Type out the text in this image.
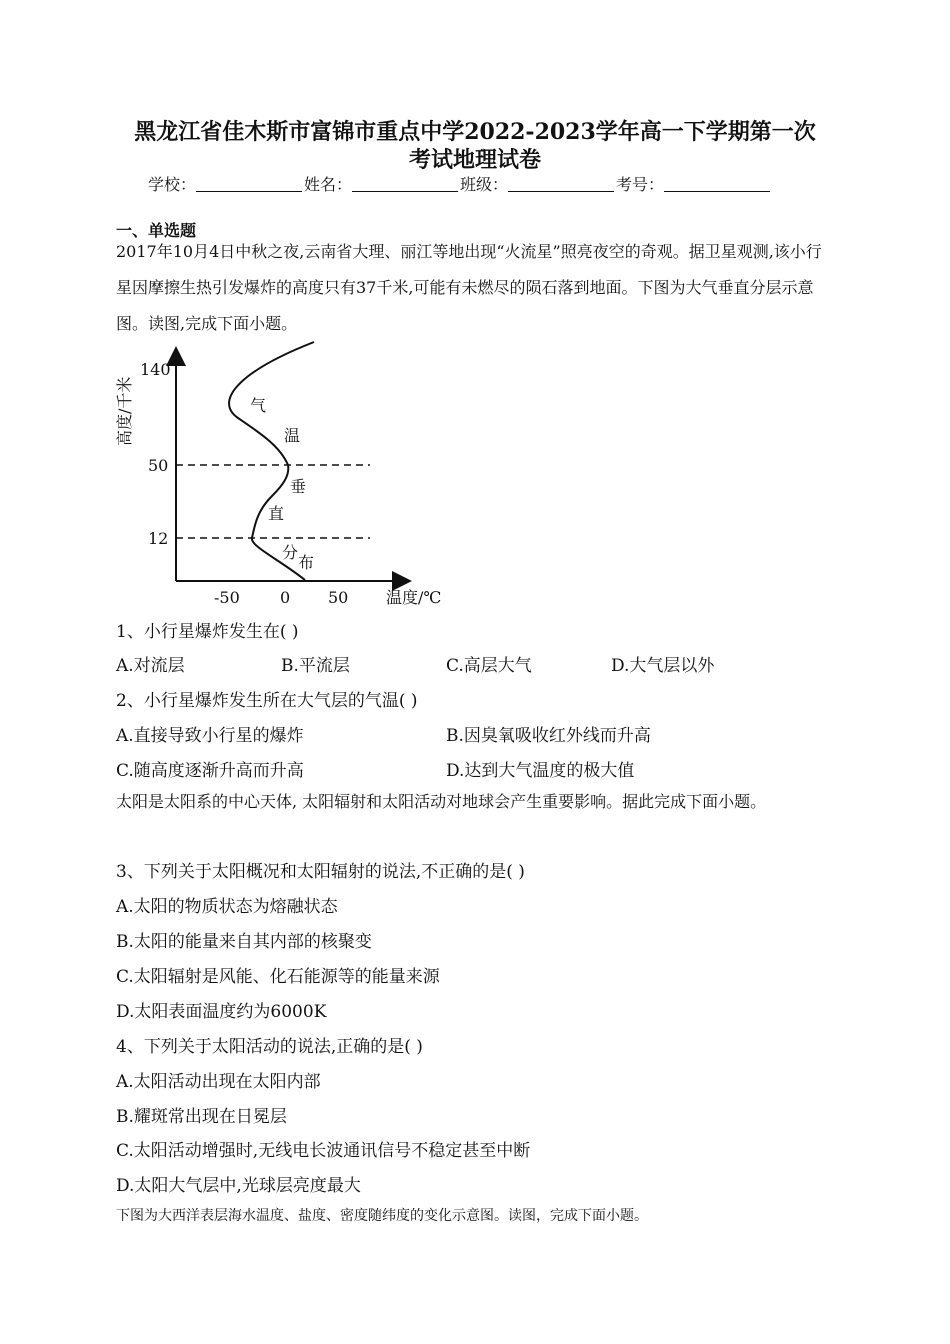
黑龙江省佳木斯市富锦市重点中学2022-2023学年高一下学期第一次
考试地理试卷
学校：	姓名：	班级：	考号：
一、单选题
2017年10月4日中秋之夜,云南省大理、丽江等地出现“火流星”照亮夜空的奇观。据卫星观测,该小行星因摩擦生热引发爆炸的高度只有37千米,可能有未燃尽的陨石落到地面。下图为大气垂直分层示意图。读图,完成下面小题。
高度/千米
140
50
12
-50	0 50 温度/℃
气
温
垂
直
分
布
1、小行星爆炸发生在( )
A.对流层	B.平流层	C.高层大气	D.大气层以外
2、小行星爆炸发生所在大气层的气温( )
A.直接导致小行星的爆炸	B.因臭氧吸收红外线而升高
C.随高度逐渐升高而升高	D.达到大气温度的极大值
太阳是太阳系的中心天体, 太阳辐射和太阳活动对地球会产生重要影响。据此完成下面小题。
3、下列关于太阳概况和太阳辐射的说法,不正确的是( )
A.太阳的物质状态为熔融状态
B.太阳的能量来自其内部的核聚变
C.太阳辐射是风能、化石能源等的能量来源
D.太阳表面温度约为6000K
4、下列关于太阳活动的说法,正确的是( )
A.太阳活动出现在太阳内部
B.耀斑常出现在日冕层
C.太阳活动增强时,无线电长波通讯信号不稳定甚至中断
D.太阳大气层中,光球层亮度最大
下图为大西洋表层海水温度、盐度、密度随纬度的变化示意图。读图，完成下面小题。
